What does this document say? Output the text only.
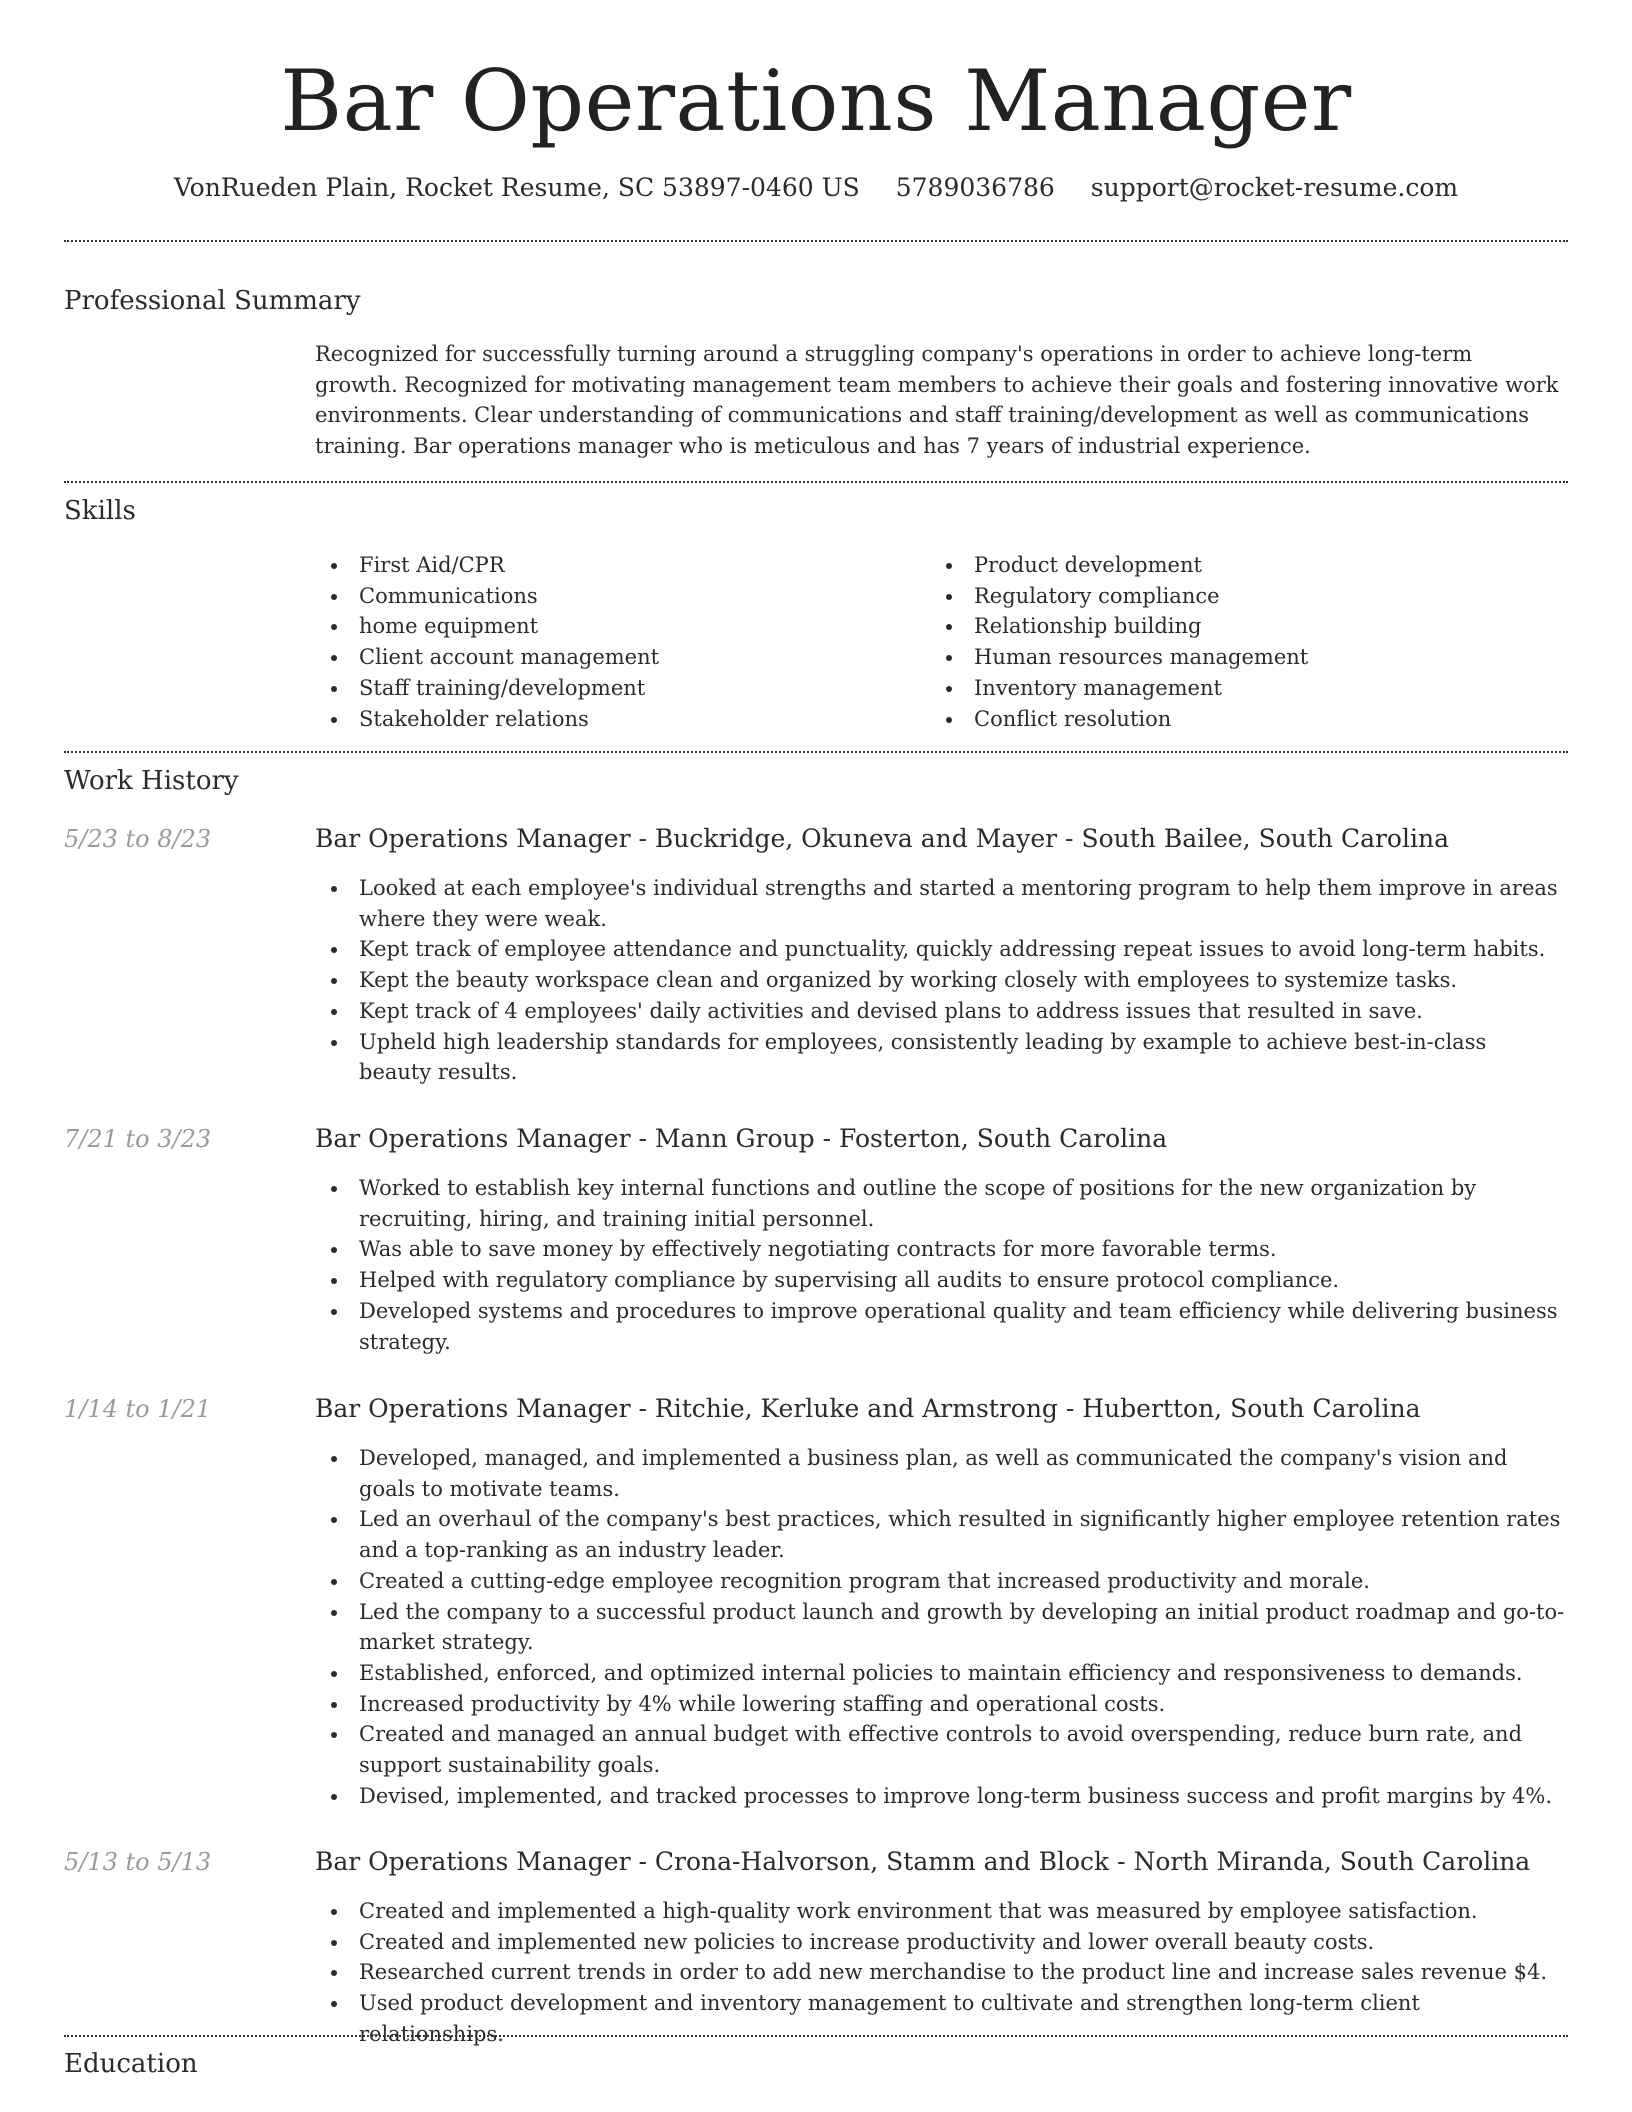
Bar Operations Manager
VonRueden Plain, Rocket Resume, SC 53897-0460 US 5789036786 support@rocket-resume.com
Professional Summary

Recognized for successfully turning around a struggling company's operations in order to achieve long-term growth. Recognized for motivating management team members to achieve their goals and fostering innovative work environments. Clear understanding of communications and staff training/development as well as communications training. Bar operations manager who is meticulous and has 7 years of industrial experience.

Skills
First Aid/CPR
Communications
home equipment
Client account management
Staff training/development
Stakeholder relations
Product development
Regulatory compliance
Relationship building
Human resources management
Inventory management
Conflict resolution
Work History
5/23 to 8/23	Bar Operations Manager - Buckridge, Okuneva and Mayer - South Bailee, South Carolina
Looked at each employee's individual strengths and started a mentoring program to help them improve in areas where they were weak.
Kept track of employee attendance and punctuality, quickly addressing repeat issues to avoid long-term habits.
Kept the beauty workspace clean and organized by working closely with employees to systemize tasks.
Kept track of 4 employees' daily activities and devised plans to address issues that resulted in save.
Upheld high leadership standards for employees, consistently leading by example to achieve best-in-class beauty results.
7/21 to 3/23	Bar Operations Manager - Mann Group - Fosterton, South Carolina
Worked to establish key internal functions and outline the scope of positions for the new organization by recruiting, hiring, and training initial personnel.
Was able to save money by effectively negotiating contracts for more favorable terms.
Helped with regulatory compliance by supervising all audits to ensure protocol compliance.
Developed systems and procedures to improve operational quality and team efficiency while delivering business strategy.
1/14 to 1/21	Bar Operations Manager - Ritchie, Kerluke and Armstrong - Hubertton, South Carolina
Developed, managed, and implemented a business plan, as well as communicated the company's vision and goals to motivate teams.
Led an overhaul of the company's best practices, which resulted in significantly higher employee retention rates and a top-ranking as an industry leader.
Created a cutting-edge employee recognition program that increased productivity and morale.
Led the company to a successful product launch and growth by developing an initial product roadmap and go-to-market strategy.
Established, enforced, and optimized internal policies to maintain efficiency and responsiveness to demands.
Increased productivity by 4% while lowering staffing and operational costs.
Created and managed an annual budget with effective controls to avoid overspending, reduce burn rate, and support sustainability goals.
Devised, implemented, and tracked processes to improve long-term business success and profit margins by 4%.
5/13 to 5/13	Bar Operations Manager - Crona-Halvorson, Stamm and Block - North Miranda, South Carolina
Created and implemented a high-quality work environment that was measured by employee satisfaction.
Created and implemented new policies to increase productivity and lower overall beauty costs.
Researched current trends in order to add new merchandise to the product line and increase sales revenue $4.
Used product development and inventory management to cultivate and strengthen long-term client relationships.
Education
